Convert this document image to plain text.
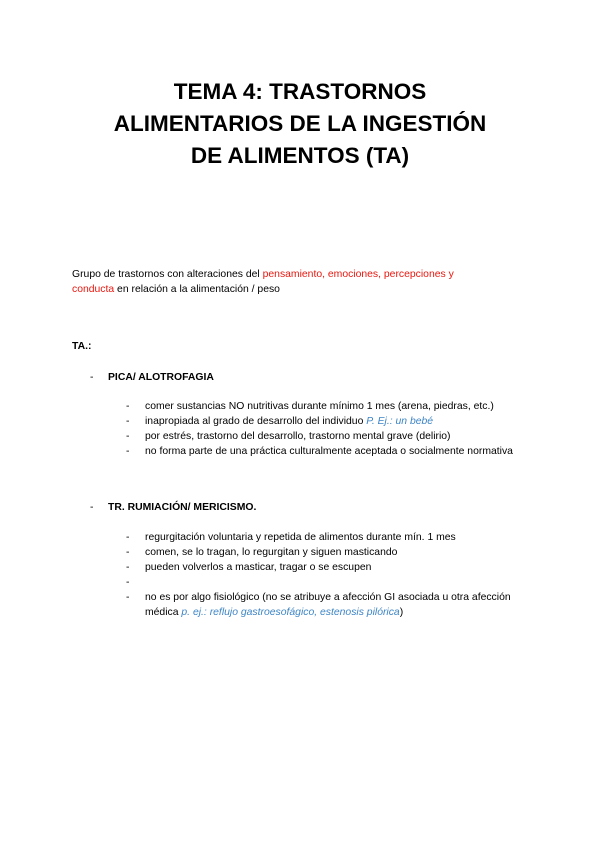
TEMA 4: TRASTORNOS
ALIMENTARIOS DE LA INGESTIÓN
DE ALIMENTOS (TA)
Grupo de trastornos con alteraciones del pensamiento, emociones, percepciones y
conducta en relación a la alimentación / peso
TA.:
-	PICA/ ALOTROFAGIA
-	comer sustancias NO nutritivas durante mínimo 1 mes (arena, piedras, etc.)
-	inapropiada al grado de desarrollo del individuo P. Ej.: un bebé
-	por estrés, trastorno del desarrollo, trastorno mental grave (delirio)
-	no forma parte de una práctica culturalmente aceptada o socialmente normativa
-	TR. RUMIACIÓN/ MERICISMO.
-	regurgitación voluntaria y repetida de alimentos durante mín. 1 mes
-	comen, se lo tragan, lo regurgitan y siguen masticando
-	pueden volverlos a masticar, tragar o se escupen
-
-	no es por algo fisiológico (no se atribuye a afección GI asociada u otra afección médica p. ej.: reflujo gastroesofágico, estenosis pilórica)
